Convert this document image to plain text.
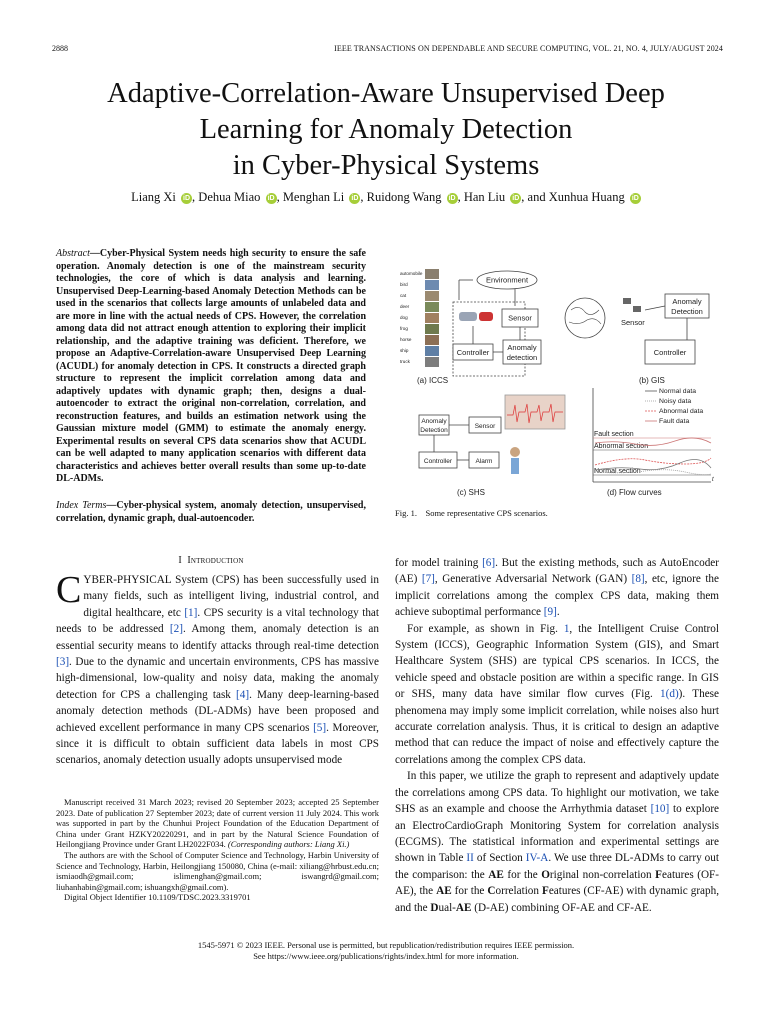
2888	IEEE TRANSACTIONS ON DEPENDABLE AND SECURE COMPUTING, VOL. 21, NO. 4, JULY/AUGUST 2024
Adaptive-Correlation-Aware Unsupervised Deep
Learning for Anomaly Detection
in Cyber-Physical Systems
Liang Xi iD , Dehua Miao iD , Menghan Li iD , Ruidong Wang iD , Han Liu iD , and Xunhua Huang iD
Abstract—Cyber-Physical System needs high security to ensure the safe operation. Anomaly detection is one of the mainstream security technologies, the core of which is data analysis and learning. Unsupervised Deep-Learning-based Anomaly Detection Methods can be used in the scenarios that collects large amounts of unlabeled data and are more in line with the actual needs of CPS. However, the correlation among data did not attract enough attention to exploring their implicit relationship, and the adaptive training was deficient. Therefore, we propose an Adaptive-Correlation-aware Unsupervised Deep Learning (ACUDL) for anomaly detection in CPS. It constructs a directed graph structure to represent the implicit correlation among data and adaptively updates with dynamic graph; then, designs a dual-autoencoder to extract the original non-correlation, correlation, and reconstruction features, and builds an estimation network using the Gaussian mixture model (GMM) to estimate the anomaly energy. Experimental results on several CPS data scenarios show that ACUDL can be well adapted to many application scenarios with different data characteristics and achieves better overall results than some up-to-date DL-ADMs.
Index Terms—Cyber-physical system, anomaly detection, unsupervised, correlation, dynamic graph, dual-autoencoder.
I Introduction
CYBER-PHYSICAL System (CPS) has been successfully used in many fields, such as intelligent living, industrial control, and digital healthcare, etc [1]. CPS security is a vital technology that needs to be addressed [2]. Among them, anomaly detection is an essential security means to identify attacks through real-time detection [3]. Due to the dynamic and uncertain environments, CPS has massive high-dimensional, low-quality and noisy data, making the anomaly detection for CPS a challenging task [4]. Many deep-learning-based anomaly detection methods (DL-ADMs) have been proposed and achieved excellent performance in many CPS scenarios [5]. Moreover, since it is difficult to obtain sufficient data labels in most CPS scenarios, anomaly detection usually adopts unsupervised mode

Manuscript received 31 March 2023; revised 20 September 2023; accepted 25 September 2023. Date of publication 27 September 2023; date of current version 11 July 2024. This work was supported in part by the Chunhui Project Foundation of the Education Department of China under Grant HZKY20220291, and in part by the Natural Science Foundation of Heilongjiang Province under Grant LH2022F034. (Corresponding authors: Liang Xi.)

The authors are with the School of Computer Science and Technology, Harbin University of Science and Technology, Harbin, Heilongjiang 150080, China (e-mail: xiliang@hrbust.edu.cn; ismiaodh@gmail.com; islimenghan@gmail.com; iswangrd@gmail.com; liuhanhabin@gmail.com; ishuangxh@gmail.com).

Digital Object Identifier 10.1109/TDSC.2023.3319701

automobile
bird
cat
deer
dog
frog
horse
ship
truck
Environment
Sensor
Controller
Anomaly
detection
(a) ICCS
Sensor
Anomaly
Detection
Controller
(b) GIS
Anomaly
Detection
Sensor
Controller	Alarm
(c) SHS
t
Normal data
Noisy data
Abnormal data
Fault data
Fault section
Abnormal section
Normal section
(d) Flow curves
Fig. 1. Some representative CPS scenarios.

for model training [6]. But the existing methods, such as AutoEncoder (AE) [7], Generative Adversarial Network (GAN) [8], etc, ignore the implicit correlations among the complex CPS data, making them achieve suboptimal performance [9].

For example, as shown in Fig. 1, the Intelligent Cruise Control System (ICCS), Geographic Information System (GIS), and Smart Healthcare System (SHS) are typical CPS scenarios. In ICCS, the vehicle speed and obstacle position are within a specific range. In GIS or SHS, many data have similar flow curves (Fig. 1(d)). These phenomena may imply some implicit correlation, while noises also hurt accurate correlation analysis. Thus, it is critical to design an adaptive method that can reduce the impact of noise and effectively capture the correlations among the complex CPS data.

In this paper, we utilize the graph to represent and adaptively update the correlations among CPS data. To highlight our motivation, we take SHS as an example and choose the Arrhythmia dataset [10] to explore an ElectroCardioGraph Monitoring System for correlation analysis (ECGMS). The statistical information and experimental settings are shown in Table II of Section IV-A. We use three DL-ADMs to carry out the comparison: the AE for the Original non-correlation Features (OF-AE), the AE for the Correlation Features (CF-AE) with dynamic graph, and the Dual-AE (D-AE) combining OF-AE and CF-AE.

1545-5971 © 2023 IEEE. Personal use is permitted, but republication/redistribution requires IEEE permission.
See https://www.ieee.org/publications/rights/index.html for more information.
